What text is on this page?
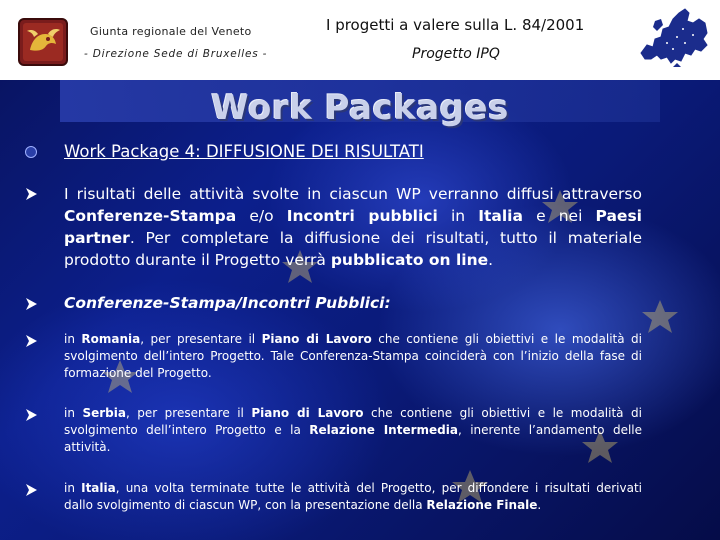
Giunta regionale del Veneto
- Direzione Sede di Bruxelles -
I progetti a valere sulla L. 84/2001
Progetto IPQ
Work Packages
Work Package 4: DIFFUSIONE DEI RISULTATI
I risultati delle attività svolte in ciascun WP verranno diffusi attraverso Conferenze-Stampa e/o Incontri pubblici in Italia e nei Paesi partner. Per completare la diffusione dei risultati, tutto il materiale prodotto durante il Progetto verrà pubblicato on line.
Conferenze-Stampa/Incontri Pubblici:
in Romania, per presentare il Piano di Lavoro che contiene gli obiettivi e le modalità di svolgimento dell’intero Progetto. Tale Conferenza-Stampa coinciderà con l’inizio della fase di formazione del Progetto.
in Serbia, per presentare il Piano di Lavoro che contiene gli obiettivi e le modalità di svolgimento dell’intero Progetto e la Relazione Intermedia, inerente l’andamento delle attività.
in Italia, una volta terminate tutte le attività del Progetto, per diffondere i risultati derivati dallo svolgimento di ciascun WP, con la presentazione della Relazione Finale.
